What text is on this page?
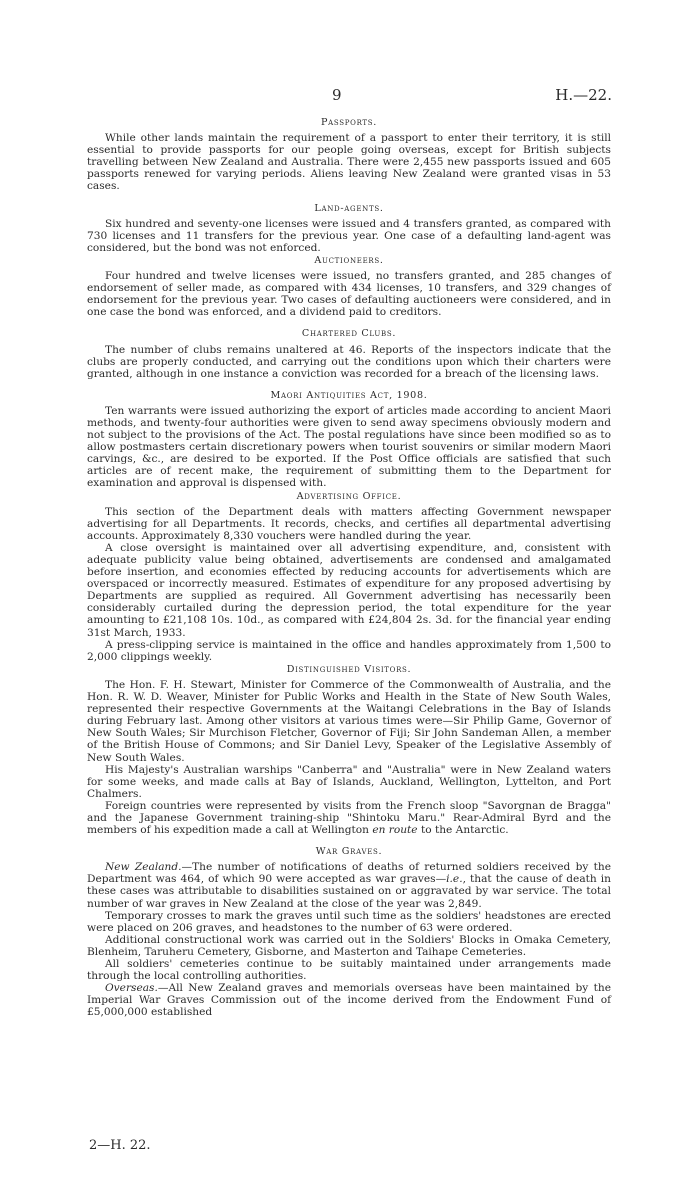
9	H.—22.
Passports.

While other lands maintain the requirement of a passport to enter their territory, it is still essential to provide passports for our people going overseas, except for British subjects travelling between New Zealand and Australia. There were 2,455 new passports issued and 605 passports renewed for varying periods. Aliens leaving New Zealand were granted visas in 53 cases.

Land-agents.

Six hundred and seventy-one licenses were issued and 4 transfers granted, as compared with 730 licenses and 11 transfers for the previous year. One case of a defaulting land-agent was considered, but the bond was not enforced.

Auctioneers.

Four hundred and twelve licenses were issued, no transfers granted, and 285 changes of endorsement of seller made, as compared with 434 licenses, 10 transfers, and 329 changes of endorsement for the previous year. Two cases of defaulting auctioneers were considered, and in one case the bond was enforced, and a dividend paid to creditors.

Chartered Clubs.

The number of clubs remains unaltered at 46. Reports of the inspectors indicate that the clubs are properly conducted, and carrying out the conditions upon which their charters were granted, although in one instance a conviction was recorded for a breach of the licensing laws.

Maori Antiquities Act, 1908.

Ten warrants were issued authorizing the export of articles made according to ancient Maori methods, and twenty-four authorities were given to send away specimens obviously modern and not subject to the provisions of the Act. The postal regulations have since been modified so as to allow postmasters certain discretionary powers when tourist souvenirs or similar modern Maori carvings, &c., are desired to be exported. If the Post Office officials are satisfied that such articles are of recent make, the requirement of submitting them to the Department for examination and approval is dispensed with.

Advertising Office.

This section of the Department deals with matters affecting Government newspaper advertising for all Departments. It records, checks, and certifies all departmental advertising accounts. Approximately 8,330 vouchers were handled during the year.

A close oversight is maintained over all advertising expenditure, and, consistent with adequate publicity value being obtained, advertisements are condensed and amalgamated before insertion, and economies effected by reducing accounts for advertisements which are overspaced or incorrectly measured. Estimates of expenditure for any proposed advertising by Departments are supplied as required. All Government advertising has necessarily been considerably curtailed during the depression period, the total expenditure for the year amounting to £21,108 10s. 10d., as compared with £24,804 2s. 3d. for the financial year ending 31st March, 1933.

A press-clipping service is maintained in the office and handles approximately from 1,500 to 2,000 clippings weekly.

Distinguished Visitors.

The Hon. F. H. Stewart, Minister for Commerce of the Commonwealth of Australia, and the Hon. R. W. D. Weaver, Minister for Public Works and Health in the State of New South Wales, represented their respective Governments at the Waitangi Celebrations in the Bay of Islands during February last. Among other visitors at various times were—Sir Philip Game, Governor of New South Wales; Sir Murchison Fletcher, Governor of Fiji; Sir John Sandeman Allen, a member of the British House of Commons; and Sir Daniel Levy, Speaker of the Legislative Assembly of New South Wales.

His Majesty's Australian warships "Canberra" and "Australia" were in New Zealand waters for some weeks, and made calls at Bay of Islands, Auckland, Wellington, Lyttelton, and Port Chalmers.

Foreign countries were represented by visits from the French sloop "Savorgnan de Bragga" and the Japanese Government training-ship "Shintoku Maru." Rear-Admiral Byrd and the members of his expedition made a call at Wellington en route to the Antarctic.

War Graves.

New Zealand.—The number of notifications of deaths of returned soldiers received by the Department was 464, of which 90 were accepted as war graves—i.e., that the cause of death in these cases was attributable to disabilities sustained on or aggravated by war service. The total number of war graves in New Zealand at the close of the year was 2,849.

Temporary crosses to mark the graves until such time as the soldiers' headstones are erected were placed on 206 graves, and headstones to the number of 63 were ordered.

Additional constructional work was carried out in the Soldiers' Blocks in Omaka Cemetery, Blenheim, Taruheru Cemetery, Gisborne, and Masterton and Taihape Cemeteries.

All soldiers' cemeteries continue to be suitably maintained under arrangements made through the local controlling authorities.

Overseas.—All New Zealand graves and memorials overseas have been maintained by the Imperial War Graves Commission out of the income derived from the Endowment Fund of £5,000,000 established

2—H. 22.
